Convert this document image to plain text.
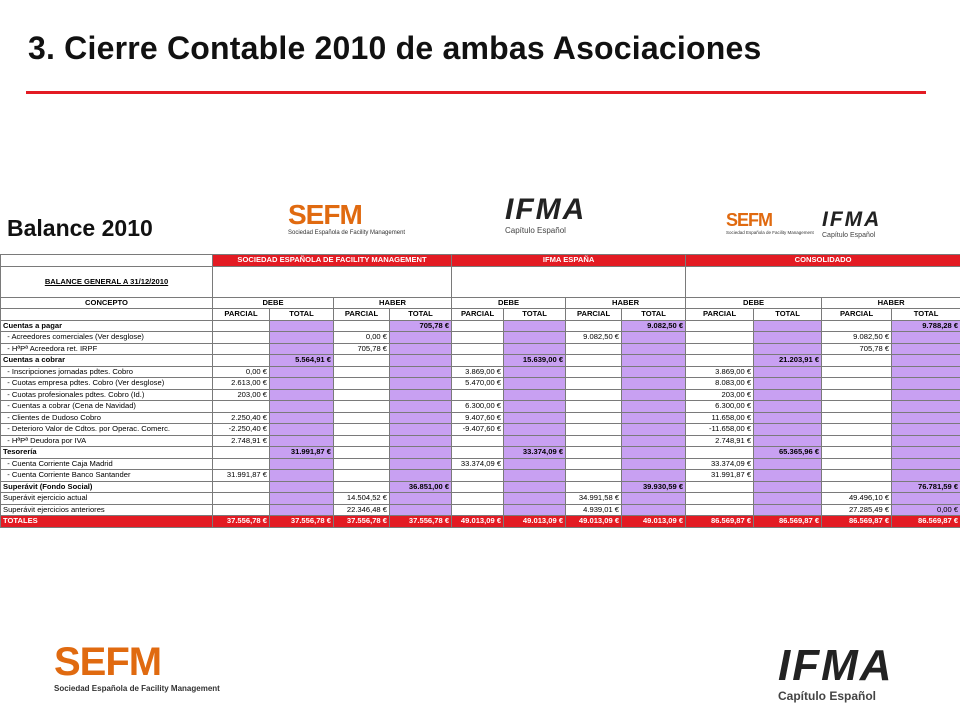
3. Cierre Contable 2010 de ambas Asociaciones
Balance 2010	SEFM
Sociedad Española de Facility Management
IFMA
Capítulo Español
SEFM
Sociedad Española de Facility Management
IFMA
Capítulo Español
	SOCIEDAD ESPAÑOLA DE FACILITY MANAGEMENT				IFMA ESPAÑA				CONSOLIDADO			
BALANCE GENERAL A 31/12/2010												
CONCEPTO	DEBE		HABER		DEBE		HABER		DEBE		HABER	
	PARCIAL	TOTAL	PARCIAL	TOTAL	PARCIAL	TOTAL	PARCIAL	TOTAL	PARCIAL	TOTAL	PARCIAL	TOTAL
Cuentas a pagar				705,78 €				9.082,50 €				9.788,28 €
- Acreedores comerciales (Ver desglose)			0,00 €				9.082,50 €				9.082,50 €	
- HªPª Acreedora ret. IRPF			705,78 €								705,78 €	
Cuentas a cobrar		5.564,91 €				15.639,00 €				21.203,91 €		
- Inscripciones jornadas pdtes. Cobro	0,00 €				3.869,00 €				3.869,00 €			
- Cuotas empresa pdtes. Cobro (Ver desglose)	2.613,00 €				5.470,00 €				8.083,00 €			
- Cuotas profesionales pdtes. Cobro (Id.)	203,00 €								203,00 €			
- Cuentas a cobrar (Cena de Navidad)					6.300,00 €				6.300,00 €			
- Clientes de Dudoso Cobro	2.250,40 €				9.407,60 €				11.658,00 €			
- Deterioro Valor de Cdtos. por Operac. Comerc.	-2.250,40 €				-9.407,60 €				-11.658,00 €			
- HªPª Deudora por IVA	2.748,91 €								2.748,91 €			
Tesorería		31.991,87 €				33.374,09 €				65.365,96 €		
- Cuenta Corriente Caja Madrid					33.374,09 €				33.374,09 €			
- Cuenta Corriente Banco Santander	31.991,87 €								31.991,87 €			
Superávit (Fondo Social)				36.851,00 €				39.930,59 €				76.781,59 €
Superávit ejercicio actual			14.504,52 €				34.991,58 €				49.496,10 €	
Superávit ejercicios anteriores			22.346,48 €				4.939,01 €				27.285,49 €	0,00 €
TOTALES	37.556,78 €	37.556,78 €	37.556,78 €	37.556,78 €	49.013,09 €	49.013,09 €	49.013,09 €	49.013,09 €	86.569,87 €	86.569,87 €	86.569,87 €	86.569,87 €
SEFM
Sociedad Española de Facility Management	IFMA
Capítulo Español
